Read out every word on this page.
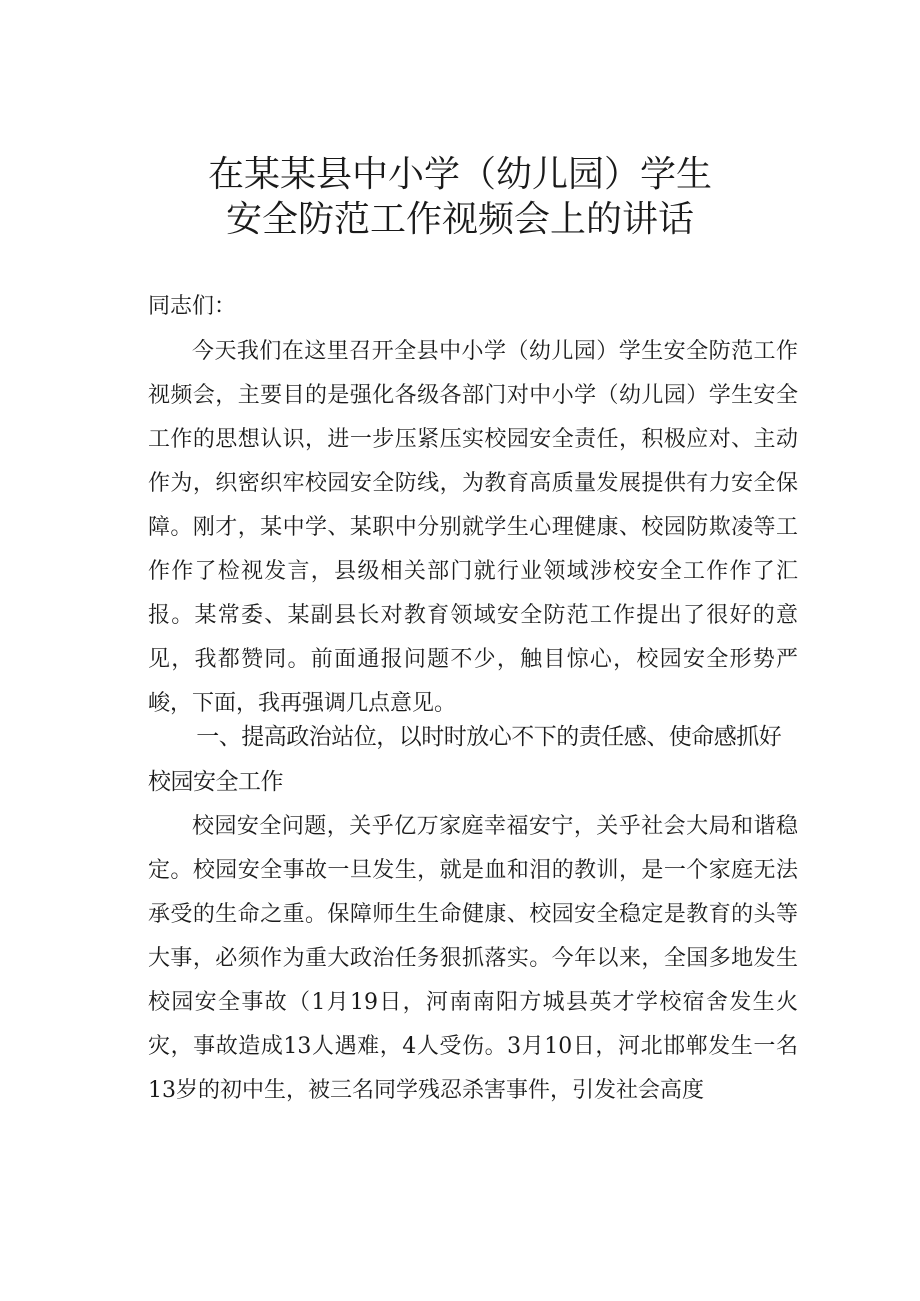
在某某县中小学（幼儿园）学生
安全防范工作视频会上的讲话

同志们：

今天我们在这里召开全县中小学（幼儿园）学生安全防范工作视频会，主要目的是强化各级各部门对中小学（幼儿园）学生安全工作的思想认识，进一步压紧压实校园安全责任，积极应对、主动作为，织密织牢校园安全防线，为教育高质量发展提供有力安全保障。刚才，某中学、某职中分别就学生心理健康、校园防欺凌等工作作了检视发言，县级相关部门就行业领域涉校安全工作作了汇报。某常委、某副县长对教育领域安全防范工作提出了很好的意见，我都赞同。前面通报问题不少，触目惊心，校园安全形势严峻，下面，我再强调几点意见。

一、提高政治站位，以时时放心不下的责任感、使命感抓好校园安全工作

校园安全问题，关乎亿万家庭幸福安宁，关乎社会大局和谐稳定。校园安全事故一旦发生，就是血和泪的教训，是一个家庭无法承受的生命之重。保障师生生命健康、校园安全稳定是教育的头等大事，必须作为重大政治任务狠抓落实。今年以来，全国多地发生校园安全事故（1月19日，河南南阳方城县英才学校宿舍发生火灾，事故造成13人遇难，4人受伤。3月10日，河北邯郸发生一名13岁的初中生，被三名同学残忍杀害事件，引发社会高度
